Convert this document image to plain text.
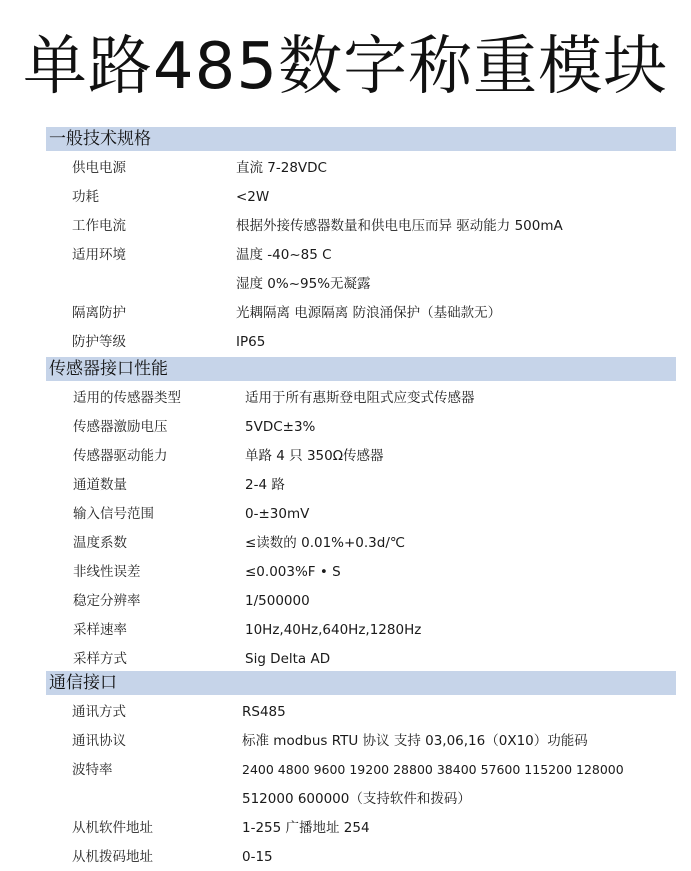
单路485数字称重模块
一般技术规格
供电电源	直流 7-28VDC
功耗	<2W
工作电流	根据外接传感器数量和供电电压而异 驱动能力 500mA
适用环境	温度 -40~85 C
湿度 0%~95%无凝露
隔离防护	光耦隔离 电源隔离 防浪涌保护（基础款无）
防护等级	IP65
传感器接口性能
适用的传感器类型	适用于所有惠斯登电阻式应变式传感器
传感器激励电压	5VDC±3%
传感器驱动能力	单路 4 只 350Ω传感器
通道数量	2-4 路
输入信号范围	0-±30mV
温度系数	≤读数的 0.01%+0.3d/℃
非线性误差	≤0.003%F • S
稳定分辨率	1/500000
采样速率	10Hz,40Hz,640Hz,1280Hz
采样方式	Sig Delta AD
通信接口
通讯方式	RS485
通讯协议	标准 modbus RTU 协议 支持 03,06,16（0X10）功能码
波特率	2400 4800 9600 19200 28800 38400 57600 115200 128000
512000 600000（支持软件和拨码）
从机软件地址	1-255 广播地址 254
从机拨码地址	0-15
